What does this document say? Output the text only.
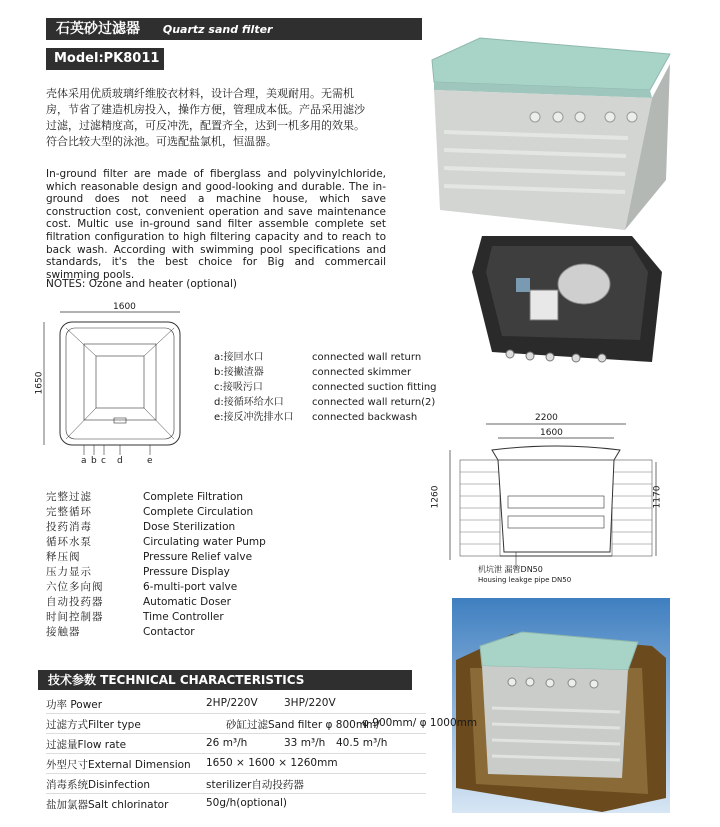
石英砂过滤器 Quartz sand filter
Model:PK8011
壳体采用优质玻璃纤维胶衣材料，设计合理，美观耐用。无需机房，节省了建造机房投入，操作方便，管理成本低。产品采用滤沙过滤，过滤精度高，可反冲洗，配置齐全，达到一机多用的效果。符合比较大型的泳池。可选配盐氯机，恒温器。

In-ground filter are made of fiberglass and polyvinylchloride, which reasonable design and good-looking and durable. The in-ground does not need a machine house, which save construction cost, convenient operation and save maintenance cost. Multic use in-ground sand filter assemble complete set filtration configuration to high filtering capacity and to reach to back wash. According with swimming pool specifications and standards, it's the best choice for Big and commercail swimming pools.

NOTES: Ozone and heater (optional)
1600
1650
a b c d	e
a:接回水口	connected wall return
b:接撇渣器	connected skimmer
c:接吸污口	connected suction fitting
d:接循环给水口	connected wall return(2)
e:接反冲洗排水口	connected backwash	2200
1600
1260	1170
机坑泄 漏管DN50
Housing leakge pipe DN50
完整过滤	Complete Filtration
完整循环	Complete Circulation
投药消毒	Dose Sterilization
循环水泵	Circulating water Pump
释压阀	Pressure Relief valve
压力显示	Pressure Display
六位多向阀	6-multi-port valve
自动投药器	Automatic Doser
时间控制器	Time Controller
接触器	Contactor
技术参数 TECHNICAL CHARACTERISTICS
功率 Power	2HP/220V	3HP/220V
过滤方式Filter type	砂缸过滤Sand filter φ 800mm/
φ 900mm/ φ 1000mm
过滤量Flow rate	26 m³/h	33 m³/h 40.5 m³/h
外型尺寸External Dimension 1650 × 1600 × 1260mm
消毒系统Disinfection	sterilizer自动投药器
盐加氯器Salt chlorinator	50g/h(optional)
